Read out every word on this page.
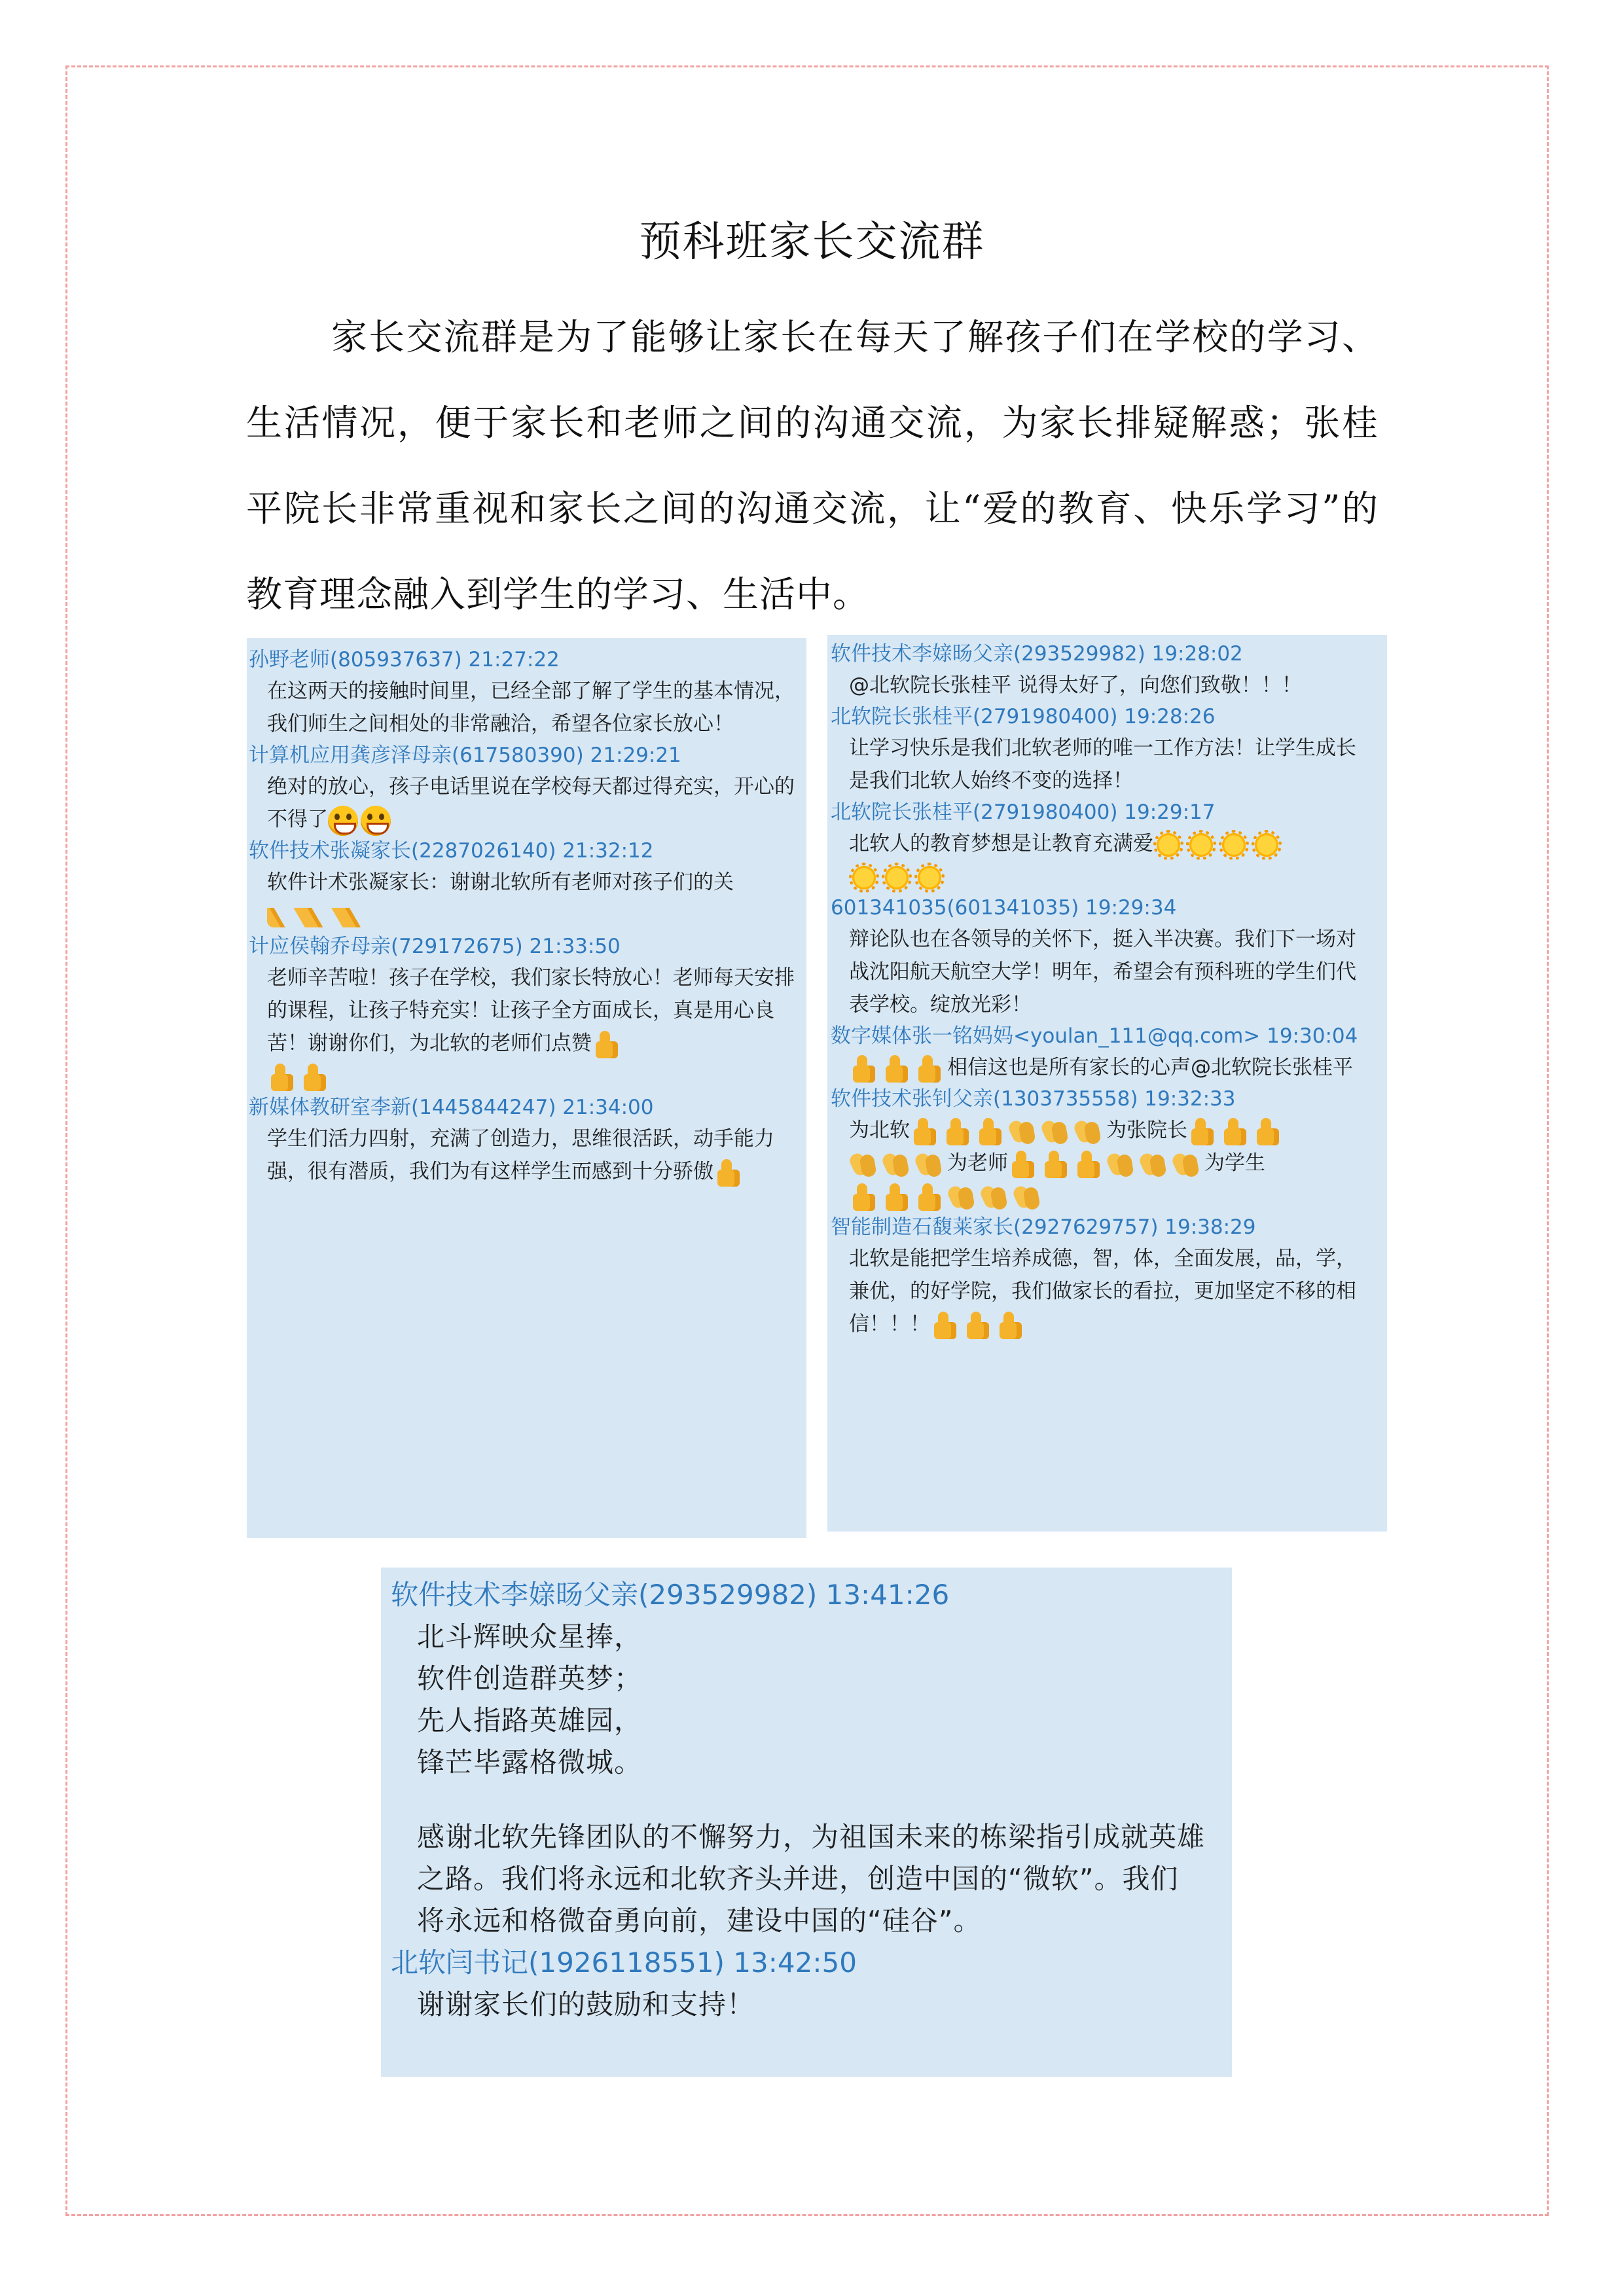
预科班家长交流群
家长交流群是为了能够让家长在每天了解孩子们在学校的学习、生活情况，便于家长和老师之间的沟通交流，为家长排疑解惑；张桂平院长非常重视和家长之间的沟通交流，让“爱的教育、快乐学习”的教育理念融入到学生的学习、生活中。
孙野老师(805937637) 21:27:22
在这两天的接触时间里，已经全部了解了学生的基本情况，我们师生之间相处的非常融洽，希望各位家长放心！
计算机应用龚彦泽母亲(617580390) 21:29:21
绝对的放心，孩子电话里说在学校每天都过得充实，开心的不得了
软件技术张凝家长(2287026140) 21:32:12
软件计术张凝家长：谢谢北软所有老师对孩子们的关

计应侯翰乔母亲(729172675) 21:33:50
老师辛苦啦！孩子在学校，我们家长特放心！老师每天安排的课程，让孩子特充实！让孩子全方面成长，真是用心良苦！谢谢你们，为北软的老师们点赞

新媒体教研室李新(1445844247) 21:34:00
学生们活力四射，充满了创造力，思维很活跃，动手能力强，很有潜质，我们为有这样学生而感到十分骄傲
软件技术李媇旸父亲(293529982) 19:28:02
@北软院长张桂平 说得太好了，向您们致敬！！！
北软院长张桂平(2791980400) 19:28:26
让学习快乐是我们北软老师的唯一工作方法！让学生成长是我们北软人始终不变的选择！
北软院长张桂平(2791980400) 19:29:17
北软人的教育梦想是让教育充满爱

601341035(601341035) 19:29:34
辩论队也在各领导的关怀下，挺入半决赛。我们下一场对战沈阳航天航空大学！明年，希望会有预科班的学生们代表学校。绽放光彩！
数字媒体张一铭妈妈<youlan_111@qq.com> 19:30:04
相信这也是所有家长的心声@北软院长张桂平
软件技术张钊父亲(1303735558) 19:32:33
为北软	为张院长
为老师	为学生

智能制造石馥莱家长(2927629757) 19:38:29
北软是能把学生培养成德，智，体，全面发展，品，学，兼优，的好学院，我们做家长的看拉，更加坚定不移的相信！！！
软件技术李媇旸父亲(293529982) 13:41:26
北斗辉映众星捧，
软件创造群英梦；
先人指路英雄园，
锋芒毕露格微城。
感谢北软先锋团队的不懈努力，为祖国未来的栋梁指引成就英雄之路。我们将永远和北软齐头并进，创造中国的“微软”。我们将永远和格微奋勇向前，建设中国的“硅谷”。
北软闫书记(1926118551) 13:42:50
谢谢家长们的鼓励和支持！
